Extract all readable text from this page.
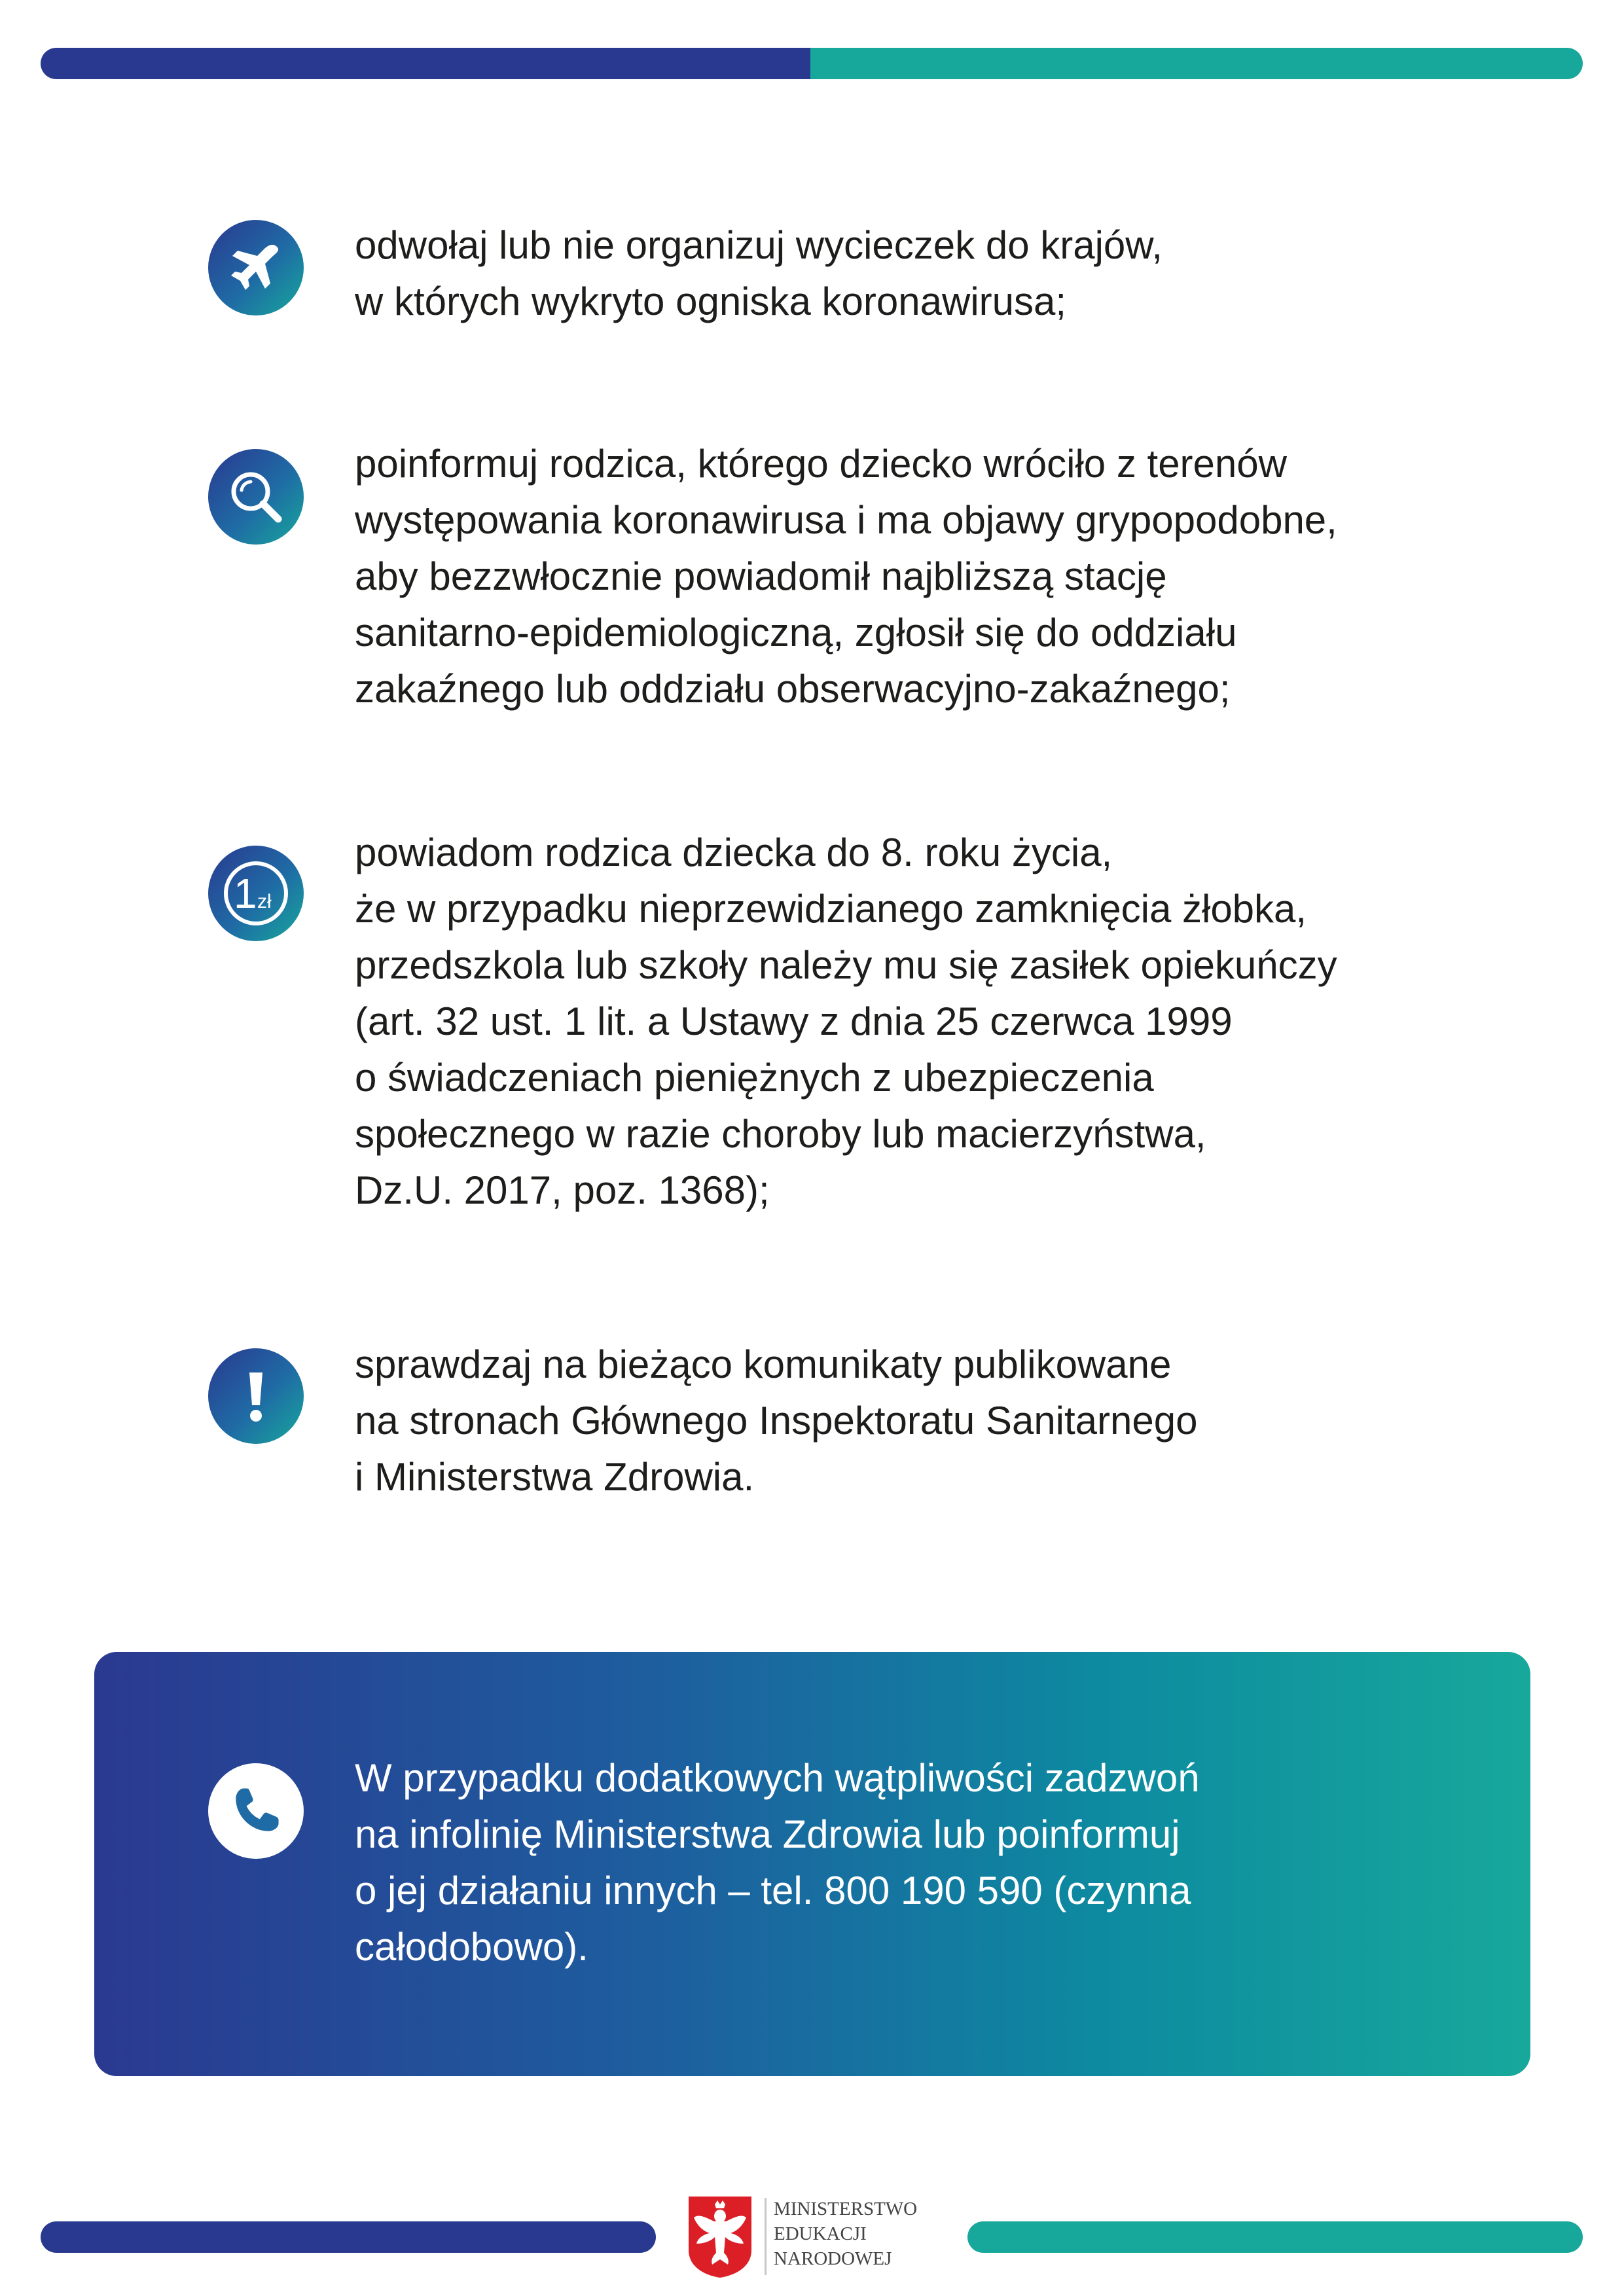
odwołaj lub nie organizuj wycieczek do krajów,
w których wykryto ogniska koronawirusa;
poinformuj rodzica, którego dziecko wróciło z terenów
występowania koronawirusa i ma objawy grypopodobne,
aby bezzwłocznie powiadomił najbliższą stację
sanitarno-epidemiologiczną, zgłosił się do oddziału
zakaźnego lub oddziału obserwacyjno-zakaźnego;
1 zł
powiadom rodzica dziecka do 8. roku życia,
że w przypadku nieprzewidzianego zamknięcia żłobka,
przedszkola lub szkoły należy mu się zasiłek opiekuńczy
(art. 32 ust. 1 lit. a Ustawy z dnia 25 czerwca 1999
o świadczeniach pieniężnych z ubezpieczenia
społecznego w razie choroby lub macierzyństwa,
Dz.U. 2017, poz. 1368);
sprawdzaj na bieżąco komunikaty publikowane
na stronach Głównego Inspektoratu Sanitarnego
i Ministerstwa Zdrowia.
W przypadku dodatkowych wątpliwości zadzwoń
na infolinię Ministerstwa Zdrowia lub poinformuj
o jej działaniu innych – tel. 800 190 590 (czynna
całodobowo).
MINISTERSTWO
EDUKACJI
NARODOWEJ
